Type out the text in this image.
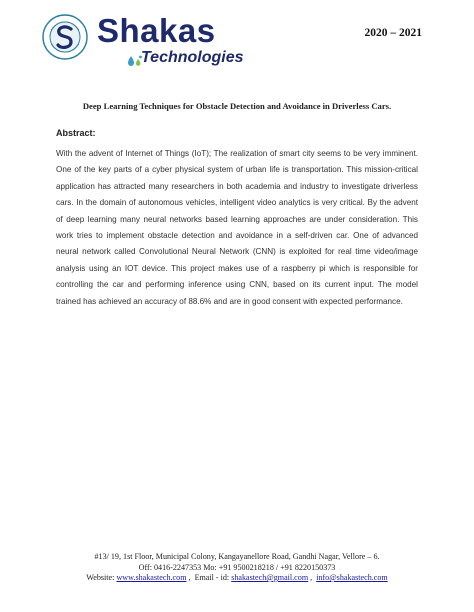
Shakas
Technologies
2020 – 2021
Deep Learning Techniques for Obstacle Detection and Avoidance in Driverless Cars.
Abstract:
With the advent of Internet of Things (IoT); The realization of smart city seems to be very imminent. One of the key parts of a cyber physical system of urban life is transportation. This mission-critical application has attracted many researchers in both academia and industry to investigate driverless cars. In the domain of autonomous vehicles, intelligent video analytics is very critical. By the advent of deep learning many neural networks based learning approaches are under consideration. This work tries to implement obstacle detection and avoidance in a self-driven car. One of advanced neural network called Convolutional Neural Network (CNN) is exploited for real time video/image analysis using an IOT device. This project makes use of a raspberry pi which is responsible for controlling the car and performing inference using CNN, based on its current input. The model trained has achieved an accuracy of 88.6% and are in good consent with expected performance.
#13/ 19, 1st Floor, Municipal Colony, Kangayanellore Road, Gandhi Nagar, Vellore – 6.
Off: 0416-2247353 Mo: +91 9500218218 / +91 8220150373
Website: www.shakastech.com , Email - id: shakastech@gmail.com , info@shakastech.com
